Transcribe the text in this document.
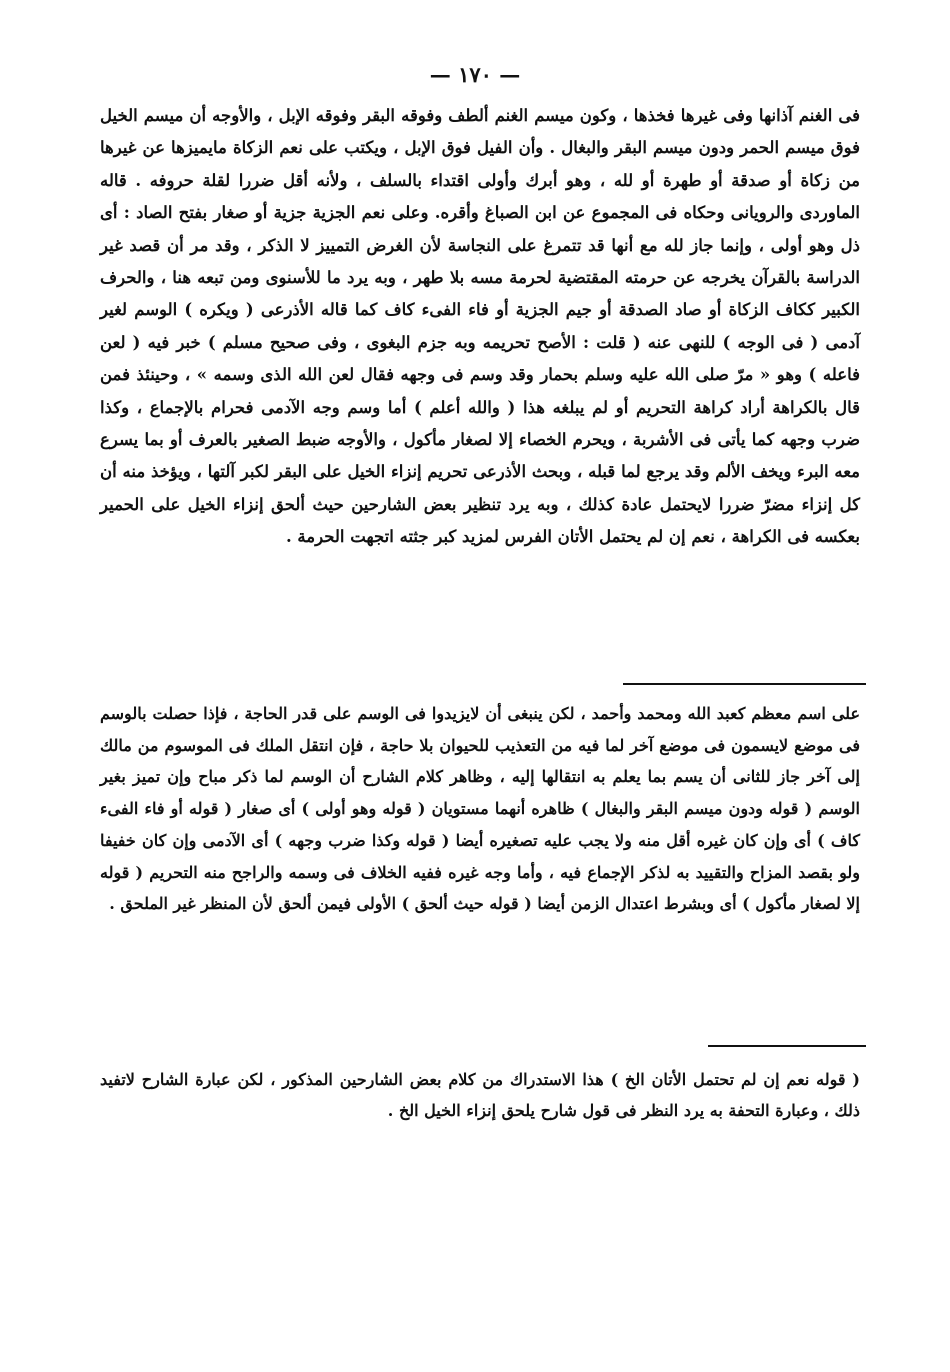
— ١٧٠ —
فى الغنم آذانها وفى غيرها فخذها ، وكون ميسم الغنم ألطف وفوقه البقر وفوقه الإبل ، والأوجه أن ميسم الخيل فوق ميسم الحمر ودون ميسم البقر والبغال . وأن الفيل فوق الإبل ، ويكتب على نعم الزكاة مايميزها عن غيرها من زكاة أو صدقة أو طهرة أو لله ، وهو أبرك وأولى اقتداء بالسلف ، ولأنه أقل ضررا لقلة حروفه . قاله الماوردى والرويانى وحكاه فى المجموع عن ابن الصباغ وأقره. وعلى نعم الجزية جزية أو صغار بفتح الصاد : أى ذل وهو أولى ، وإنما جاز لله مع أنها قد تتمرغ على النجاسة لأن الغرض التمييز لا الذكر ، وقد مر أن قصد غير الدراسة بالقرآن يخرجه عن حرمته المقتضية لحرمة مسه بلا طهر ، وبه يرد ما للأسنوى ومن تبعه هنا ، والحرف الكبير ككاف الزكاة أو صاد الصدقة أو جيم الجزية أو فاء الفىء كاف كما قاله الأذرعى ( ويكره ) الوسم لغير آدمى ( فى الوجه ) للنهى عنه ( قلت : الأصح تحريمه وبه جزم البغوى ، وفى صحيح مسلم ) خبر فيه ( لعن فاعله ) وهو « مرّ صلى الله عليه وسلم بحمار وقد وسم فى وجهه فقال لعن الله الذى وسمه » ، وحينئذ فمن قال بالكراهة أراد كراهة التحريم أو لم يبلغه هذا ( والله أعلم ) أما وسم وجه الآدمى فحرام بالإجماع ، وكذا ضرب وجهه كما يأتى فى الأشربة ، ويحرم الخصاء إلا لصغار مأكول ، والأوجه ضبط الصغير بالعرف أو بما يسرع معه البرء ويخف الألم وقد يرجع لما قبله ، وبحث الأذرعى تحريم إنزاء الخيل على البقر لكبر آلتها ، ويؤخذ منه أن كل إنزاء مضرّ ضررا لايحتمل عادة كذلك ، وبه يرد تنظير بعض الشارحين حيث ألحق إنزاء الخيل على الحمير بعكسه فى الكراهة ، نعم إن لم يحتمل الأتان الفرس لمزيد كبر جثته اتجهت الحرمة .
على اسم معظم كعبد الله ومحمد وأحمد ، لكن ينبغى أن لايزيدوا فى الوسم على قدر الحاجة ، فإذا حصلت بالوسم فى موضع لايسمون فى موضع آخر لما فيه من التعذيب للحيوان بلا حاجة ، فإن انتقل الملك فى الموسوم من مالك إلى آخر جاز للثانى أن يسم بما يعلم به انتقالها إليه ، وظاهر كلام الشارح أن الوسم لما ذكر مباح وإن تميز بغير الوسم ( قوله ودون ميسم البقر والبغال ) ظاهره أنهما مستويان ( قوله وهو أولى ) أى صغار ( قوله أو فاء الفىء كاف ) أى وإن كان غيره أقل منه ولا يجب عليه تصغيره أيضا ( قوله وكذا ضرب وجهه ) أى الآدمى وإن كان خفيفا ولو بقصد المزاح والتقييد به لذكر الإجماع فيه ، وأما وجه غيره ففيه الخلاف فى وسمه والراجح منه التحريم ( قوله إلا لصغار مأكول ) أى وبشرط اعتدال الزمن أيضا ( قوله حيث ألحق ) الأولى فيمن ألحق لأن المنظر غير الملحق .
( قوله نعم إن لم تحتمل الأتان الخ ) هذا الاستدراك من كلام بعض الشارحين المذكور ، لكن عبارة الشارح لاتفيد ذلك ، وعبارة التحفة به يرد النظر فى قول شارح يلحق إنزاء الخيل الخ .
